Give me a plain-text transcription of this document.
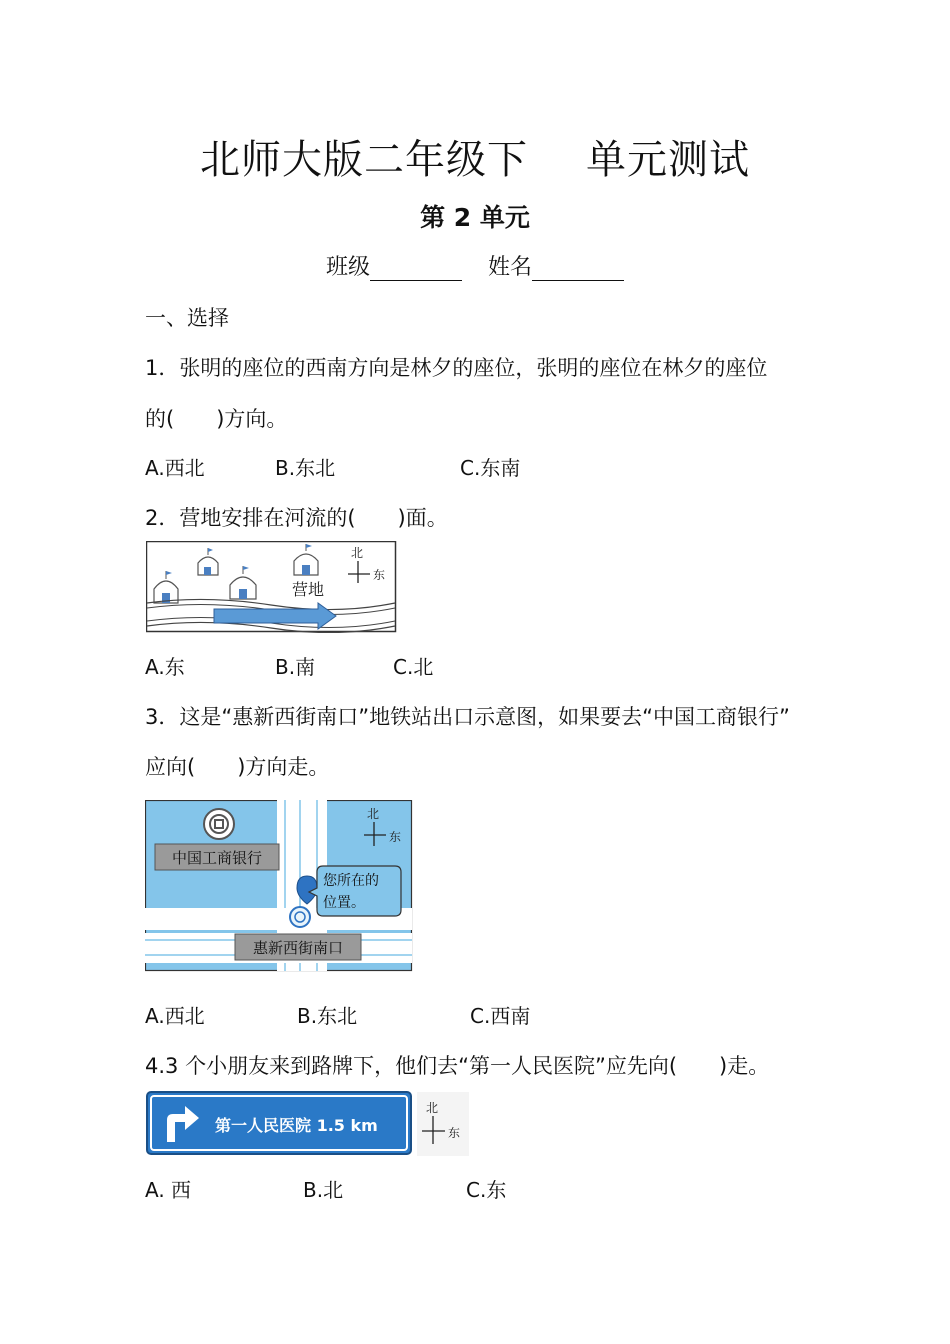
北师大版二年级下 单元测试
第 2 单元
班级	姓名
一、选择
1．张明的座位的西南方向是林夕的座位，张明的座位在林夕的座位
的(　　)方向。
A.西北	B.东北	C.东南
2．营地安排在河流的(　　)面。
营地
北
东
A.东	B.南	C.北
3．这是“惠新西街南口”地铁站出口示意图，如果要去“中国工商银行”
应向(　　)方向走。
中国工商银行
北
东
您所在的
位置。
惠新西街南口
A.西北	B.东北	C.西南
4.3 个小朋友来到路牌下，他们去“第一人民医院”应先向(　　)走。
第一人民医院 1.5 km
北
东
A. 西	B.北	C.东
